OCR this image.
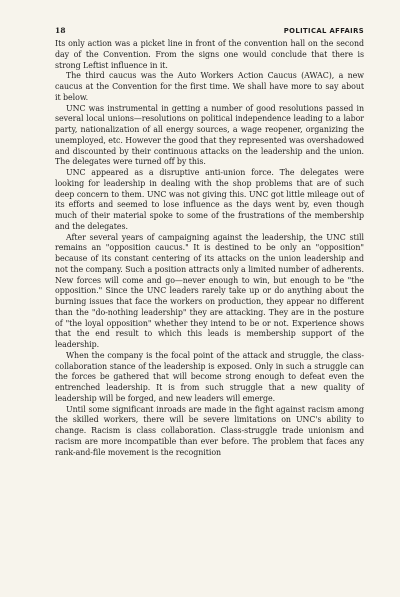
18	POLITICAL AFFAIRS

Its only action was a picket line in front of the convention hall on the second day of the Convention. From the signs one would conclude that there is strong Leftist influence in it.

The third caucus was the Auto Workers Action Caucus (AWAC), a new caucus at the Convention for the first time. We shall have more to say about it below.

UNC was instrumental in getting a number of good resolutions passed in several local unions—resolutions on political independence leading to a labor party, nationalization of all energy sources, a wage reopener, organizing the unemployed, etc. However the good that they represented was overshadowed and discounted by their continuous attacks on the leadership and the union. The delegates were turned off by this.

UNC appeared as a disruptive anti-union force. The delegates were looking for leadership in dealing with the shop problems that are of such deep concern to them. UNC was not giving this. UNC got little mileage out of its efforts and seemed to lose influence as the days went by, even though much of their material spoke to some of the frustrations of the membership and the delegates.

After several years of campaigning against the leadership, the UNC still remains an "opposition caucus." It is destined to be only an "opposition" because of its constant centering of its attacks on the union leadership and not the company. Such a position attracts only a limited number of adherents. New forces will come and go—never enough to win, but enough to be "the opposition." Since the UNC leaders rarely take up or do anything about the burning issues that face the workers on production, they appear no different than the "do-nothing leadership" they are attacking. They are in the posture of "the loyal opposition" whether they intend to be or not. Experience shows that the end result to which this leads is membership support of the leadership.

When the company is the focal point of the attack and struggle, the class-collaboration stance of the leadership is exposed. Only in such a struggle can the forces be gathered that will become strong enough to defeat even the entrenched leadership. It is from such struggle that a new quality of leadership will be forged, and new leaders will emerge.

Until some significant inroads are made in the fight against racism among the skilled workers, there will be severe limitations on UNC's ability to change. Racism is class collaboration. Class-struggle trade unionism and racism are more incompatible than ever before. The problem that faces any rank-and-file movement is the recognition
